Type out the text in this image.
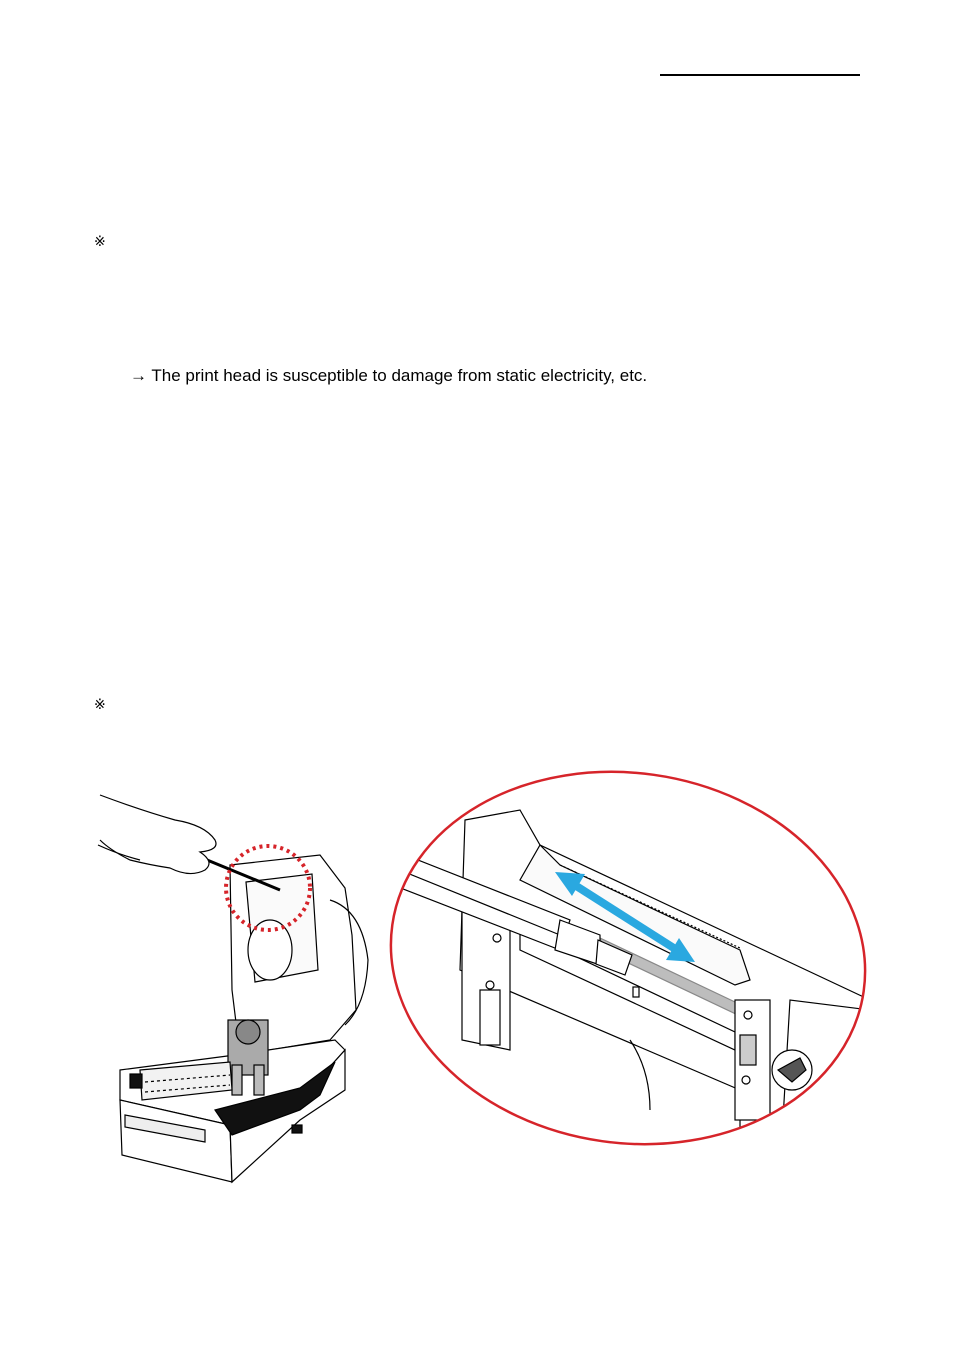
※
→ The print head is susceptible to damage from static electricity, etc.
※
